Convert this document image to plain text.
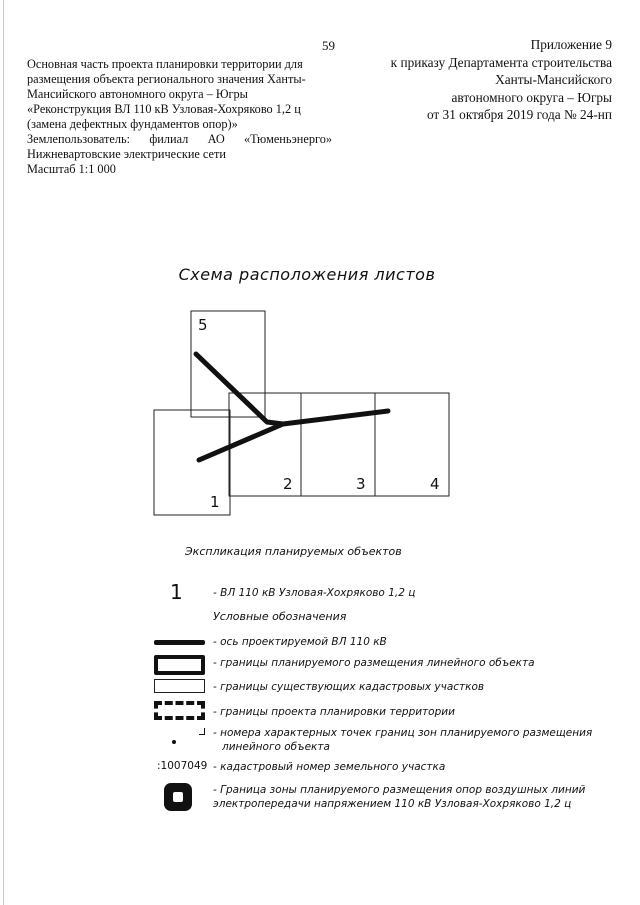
59
Основная часть проекта планировки территории для
размещения объекта регионального значения Ханты-
Мансийского автономного округа – Югры
«Реконструкция ВЛ 110 кВ Узловая-Хохряково 1,2 ц
(замена дефектных фундаментов опор)»
Землепользователь: филиал АО «Тюменьэнерго»
Нижневартовские электрические сети
Масштаб 1:1 000
Приложение 9
к приказу Департамента строительства
Ханты-Мансийского
автономного округа – Югры
от 31 октября 2019 года № 24-нп
Схема расположения листов
5
1
2	3	4
Экспликация планируемых объектов
1	- ВЛ 110 кВ Узловая-Хохряково 1,2 ц
Условные обозначения
- ось проектируемой ВЛ 110 кВ
- границы планируемого размещения линейного объекта
- границы существующих кадастровых участков
- границы проекта планировки территории
- номера характерных точек границ зон планируемого размещения
линейного объекта
:1007049 - кадастровый номер земельного участка
- Граница зоны планируемого размещения опор воздушных линий
электропередачи напряжением 110 кВ Узловая-Хохряково 1,2 ц
